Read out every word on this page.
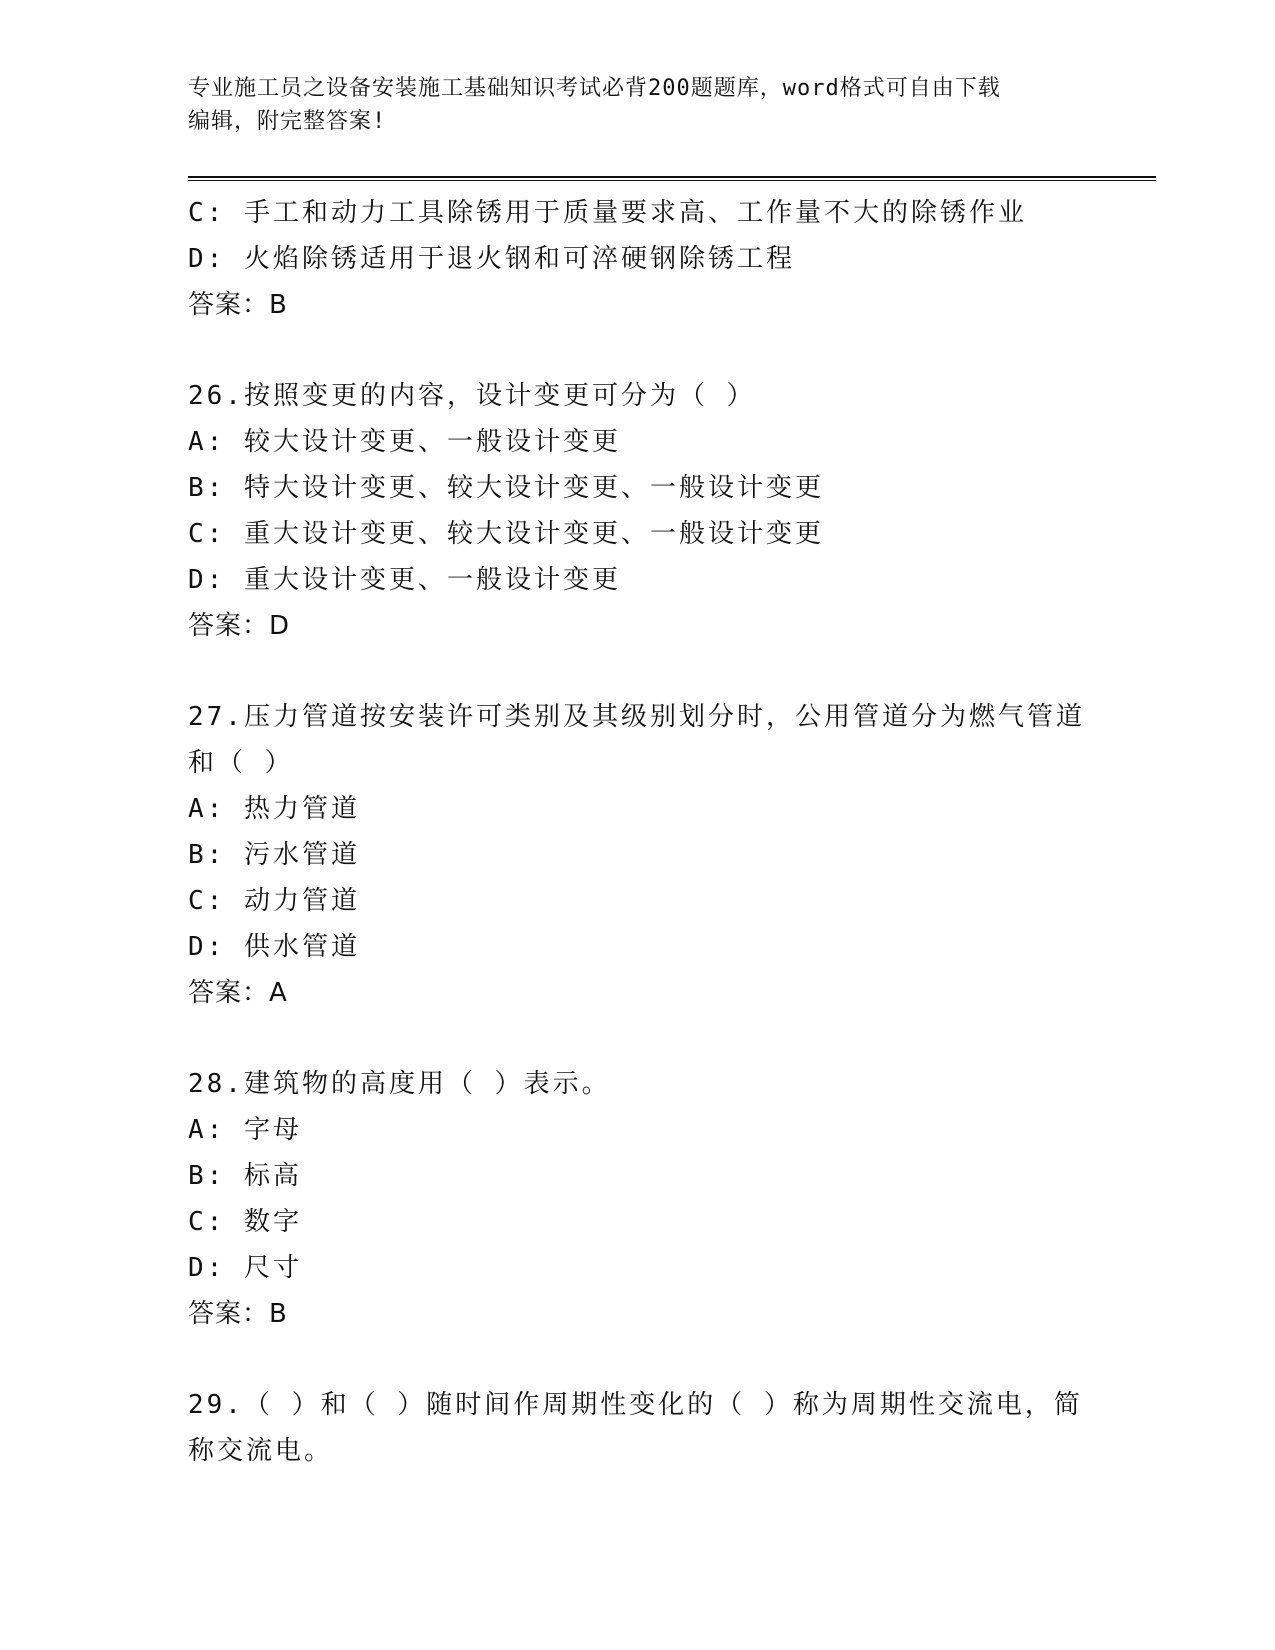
专业施工员之设备安装施工基础知识考试必背200题题库，word格式可自由下载
编辑，附完整答案!
C: 手工和动力工具除锈用于质量要求高、工作量不大的除锈作业
D: 火焰除锈适用于退火钢和可淬硬钢除锈工程
答案：B
26.按照变更的内容，设计变更可分为（ ）
A: 较大设计变更、一般设计变更
B: 特大设计变更、较大设计变更、一般设计变更
C: 重大设计变更、较大设计变更、一般设计变更
D: 重大设计变更、一般设计变更
答案：D
27.压力管道按安装许可类别及其级别划分时，公用管道分为燃气管道
和（ ）
A: 热力管道
B: 污水管道
C: 动力管道
D: 供水管道
答案：A
28.建筑物的高度用（ ）表示。
A: 字母
B: 标高
C: 数字
D: 尺寸
答案：B
29.（ ）和（ ）随时间作周期性变化的（ ）称为周期性交流电，简
称交流电。
